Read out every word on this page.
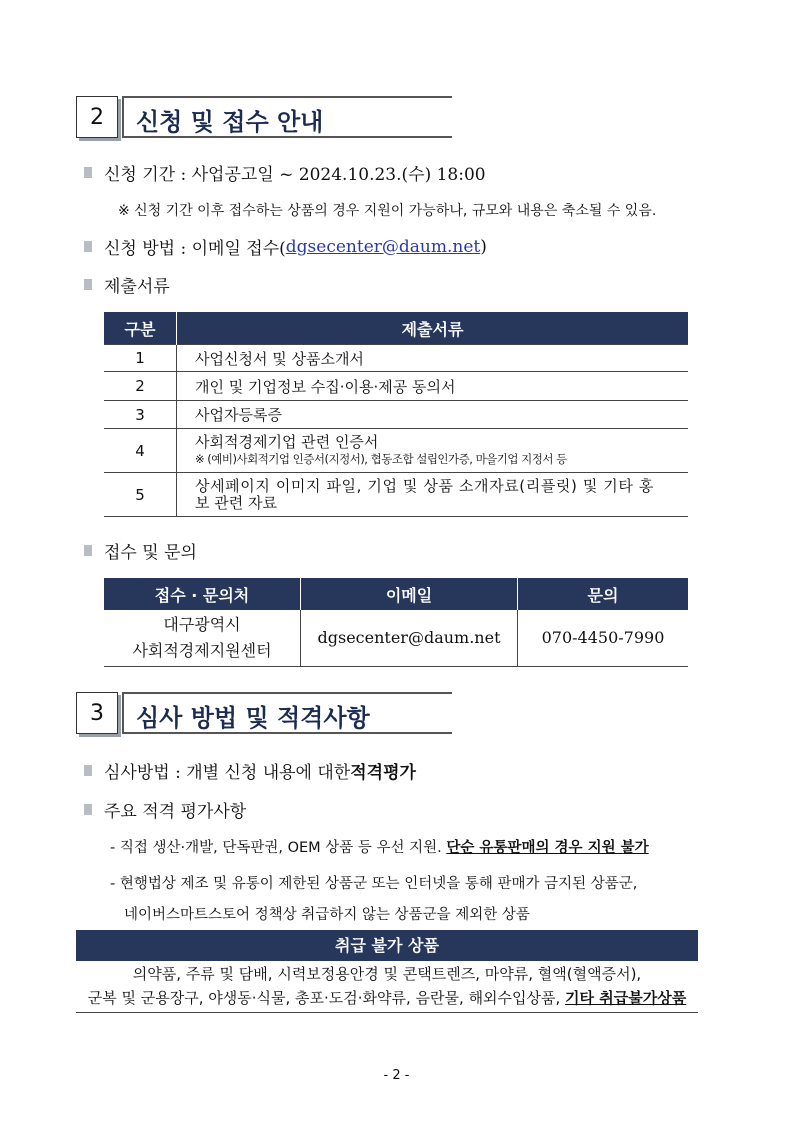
2	신청 및 접수 안내
신청 기간 : 사업공고일 ~ 2024.10.23.(수) 18:00
※ 신청 기간 이후 접수하는 상품의 경우 지원이 가능하나, 규모와 내용은 축소될 수 있음.
신청 방법 : 이메일 접수( dgsecenter@daum.net )
제출서류
구분	제출서류
1	사업신청서 및 상품소개서
2	개인 및 기업정보 수집·이용·제공 동의서
3	사업자등록증
4	사회적경제기업 관련 인증서
※ (예비)사회적기업 인증서(지정서), 협동조합 설립인가증, 마을기업 지정서 등

5	상세페이지 이미지 파일, 기업 및 상품 소개자료(리플릿) 및 기타 홍
보 관련 자료
접수 및 문의
접수 · 문의처	이메일	문의

대구광역시
사회적경제지원센터	dgsecenter@daum.net	070-4450-7990
3	심사 방법 및 적격사항
심사방법 : 개별 신청 내용에 대한 적격평가
주요 적격 평가사항
- 직접 생산·개발, 단독판권, OEM 상품 등 우선 지원. 단순 유통판매의 경우 지원 불가
- 현행법상 제조 및 유통이 제한된 상품군 또는 인터넷을 통해 판매가 금지된 상품군,
네이버스마트스토어 정책상 취급하지 않는 상품군을 제외한 상품
취급 불가 상품
의약품, 주류 및 담배, 시력보정용안경 및 콘택트렌즈, 마약류, 혈액(혈액증서),
군복 및 군용장구, 야생동·식물, 총포·도검·화약류, 음란물, 해외수입상품, 기타 취급불가상품
- 2 -
